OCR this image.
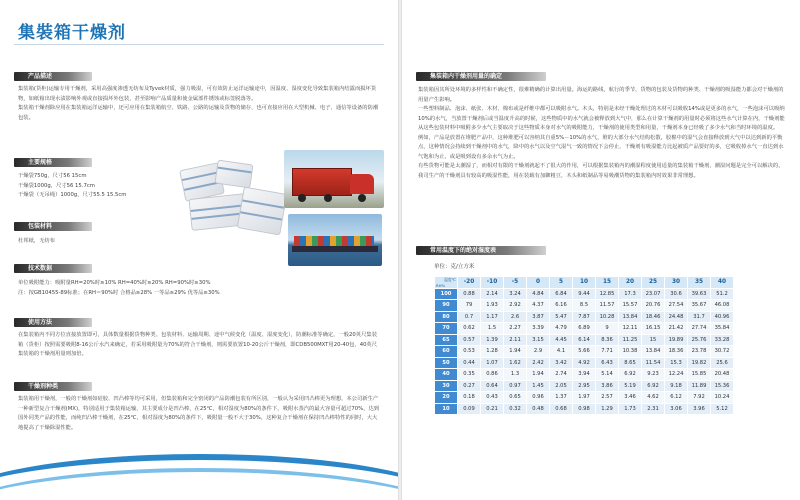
集裝箱干燥剂
产品描述

集装箱(货柜)运输专用干燥剂，采用高强度渗透无纺布及Tyvek材质，强力吸湿，可有效防止运洋运输途中，因温度、湿度变化导致集装箱内结露而损坏货物，如纸箱出现水渍影响外观或直接损坏外包装，甚至影响产品质量和使金属部件锈蚀或标签脱落等。

集装箱干燥剂除应用在集装箱运洋运输中，还可应用在集装箱航空、铁路、公路的运输及货物的储存，也可直接应用在大型机械、电子、通信等设备的防潮包装。

主要规格

干燥袋750g，尺寸56 15cm

干燥袋1000g，尺寸56 15.7cm

干燥袋（无吊绳）1000g，尺寸55.5 15.5cm

包装材料
杜邦纸，无纺布
技术数据

单位吸附能力：吸附量RH=20%时≥10% RH=40%时≥20% RH=90%时≥30%

注：按GB10455-89标准；在RH＝90%时 合格品≥28% 一等品≥29% 优等品≥30%

使用方法
在集装箱内不同方位直接放置即可，具体数量根据货物种类、包装材料、运输周期、途中气候变化（温度、湿度变化），防潮标准等确定，一般20英尺集装箱（货柜）按照需要吸附8-16公斤水汽来确定，若采用吸附量为70%的符合干燥剂，则需要放置10-20公斤干燥剂，即CDB500MXT用20-40包，40英尺集装箱的干燥剂用量则加倍。
干燥剂种类
集装箱用干燥剂，一般的干燥剂如硅胶、凹凸棒等均可采用，但集装箱和完全密闭的产品防潮包装有所区别，一般认为采用凹凸棒更为理想，本公司新生产一种新型复合干燥剂(MX)，特别适用于集装箱运输，其主要成分是凹凸棒，在25℃，相对湿度为80%的条件下，吸附水蒸汽的最大容量可超过70%，达到国外同类产品的性能，而纯凹凸棒干燥剂，在25℃，相对湿度为80%的条件下，吸附量一般不大于30%，这种复合干燥剂在保持凹凸棒特性的同时，大大地提高了干燥除湿性能。
集装箱内干燥剂用量的确定

集装箱因其所处环境的多样性和不确定性，很难精确的计算出用量。海运的路线，航行的季节，货物的包装及货物的种类、干燥剂的吸湿能力都会对干燥剂的用量产生影响。

一些塑料制品、泡沫、纸张、木材、棉布或是纤维中都可以吸附水气。木头，特别是未经干燥处理过的木材可以吸收14%或是更多的水气，一些泡沫可以吸纳10%的水气，当放置干燥剂后或当温度升高的时候，这些物质中的水气就会被释放到大气中，那么在计算干燥剂的用量时必须将这些水气计算在内，干燥剂能从这些包装材料中吸附多少水气主要取决于这些物质本身对水气的吸附能力，干燥剂的使用类型和用量，干燥剂本身已经吸了多少水气和当时环境的温度。

例如，产品是放置在堆肥产品中，这种堆肥可以容纳其自重5%－10%的水气，堆的大部分水气结构松散，胶棉中的湿气会直接释放到大气中以达到新的平衡点，这种情况会持续到干燥剂中的水气，降中的水气以及空气湿气一致的情况下会停止，干燥剂有吸湿能力比起被质产品要好的多，它吸收掉水气一直达到水气饱和为止，或是吸到设有多余水气为止。

有些货物可能是太潮湿了，而相对有限的干燥剂就起不了很大的作用，可以根据集装箱内的潮湿程度使用适量的集装箱干燥剂，潮湿问题是完全可以解决的，我司生产的干燥剂具有较高的吸湿性能，用在装载有加御粗豆，木头和纸制品等易吸潮货物的集装箱内时效果非常理想。

常用温度下的绝对湿度表
单位：克/立方米
温度℃
RH%	-20	-10	-5	0	5	10	15	20	25	30	35	40
100	0.88	2.14	3.24	4.84	6.84	9.44	12.85	17.3	23.07	30.6	39.63	51.2
90	79	1.93	2.92	4.37	6.16	8.5	11.57	15.57	20.76	27.54	35.67	46.08
80	0.7	1.17	2.6	3.87	5.47	7.87	10.28	13.84	18.46	24.48	31.7	40.96
70	0.62	1.5	2.27	3.39	4.79	6.89	9	12.11	16.15	21.42	27.74	35.84
65	0.57	1.39	2.11	3.15	4.45	6.14	8.36	11.25	15	19.89	25.76	33.28
60	0.53	1.28	1.94	2.9	4.1	5.66	7.71	10.38	13.84	18.36	23.78	30.72
50	0.44	1.07	1.62	2.42	3.42	4.92	6.43	8.65	11.54	15.3	19.82	25.6
40	0.35	0.86	1.3	1.94	2.74	3.94	5.14	6.92	9.23	12.24	15.85	20.48
30	0.27	0.64	0.97	1.45	2.05	2.95	3.86	5.19	6.92	9.18	11.89	15.36
20	0.18	0.43	0.65	0.96	1.37	1.97	2.57	3.46	4.62	6.12	7.92	10.24
10	0.09	0.21	0.32	0.48	0.68	0.98	1.29	1.73	2.31	3.06	3.96	5.12
